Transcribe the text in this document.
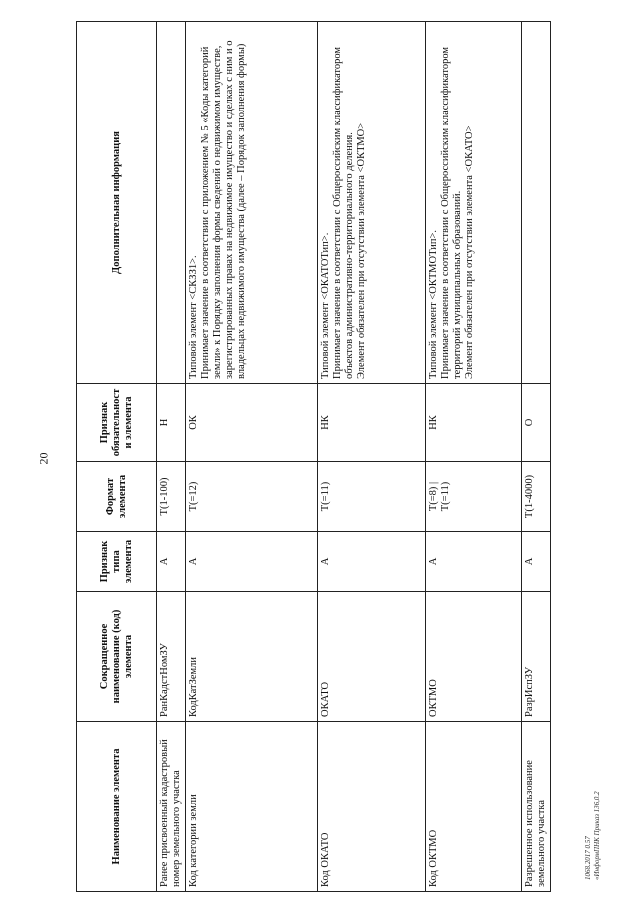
20
Наименование элемента	Сокращенное наименование (код) элемента	Признак типа элемента	Формат элемента	Признак обязательности элемента	Дополнительная информация
Ранее присвоенный кадастровый номер земельного участка	РанКадстНомЗУ	А	T(1-100)	Н	
Код категории земли	КодКатЗемли	А	T(=12)	ОК	Типовой элемент <СКЗЗ1>.
Принимает значение в соответствии с приложением № 5 «Коды категорий земли» к Порядку заполнения формы сведений о недвижимом имуществе, зарегистрированных правах на недвижимое имущество и сделках с ним и о владельцах недвижимого имущества (далее – Порядок заполнения формы)
Код ОКАТО	ОКАТО	А	T(=11)	НК	Типовой элемент <ОКАТОТип>.
Принимает значение в соответствии с Общероссийским классификатором объектов административно-территориального деления.
Элемент обязателен при отсутствии элемента <ОКТМО>
Код ОКТМО	ОКТМО	А	T(=8) | T(=11)	НК	Типовой элемент <ОКТМОТип>.
Принимает значение в соответствии с Общероссийским классификатором территорий муниципальных образований.
Элемент обязателен при отсутствии элемента <ОКАТО>
Разрешенное использование земельного участка	РазрИспЗУ	А	T(1-4000)	О	
1068.2017 0.57 «ИнформПНК Приказ 136,0.2
